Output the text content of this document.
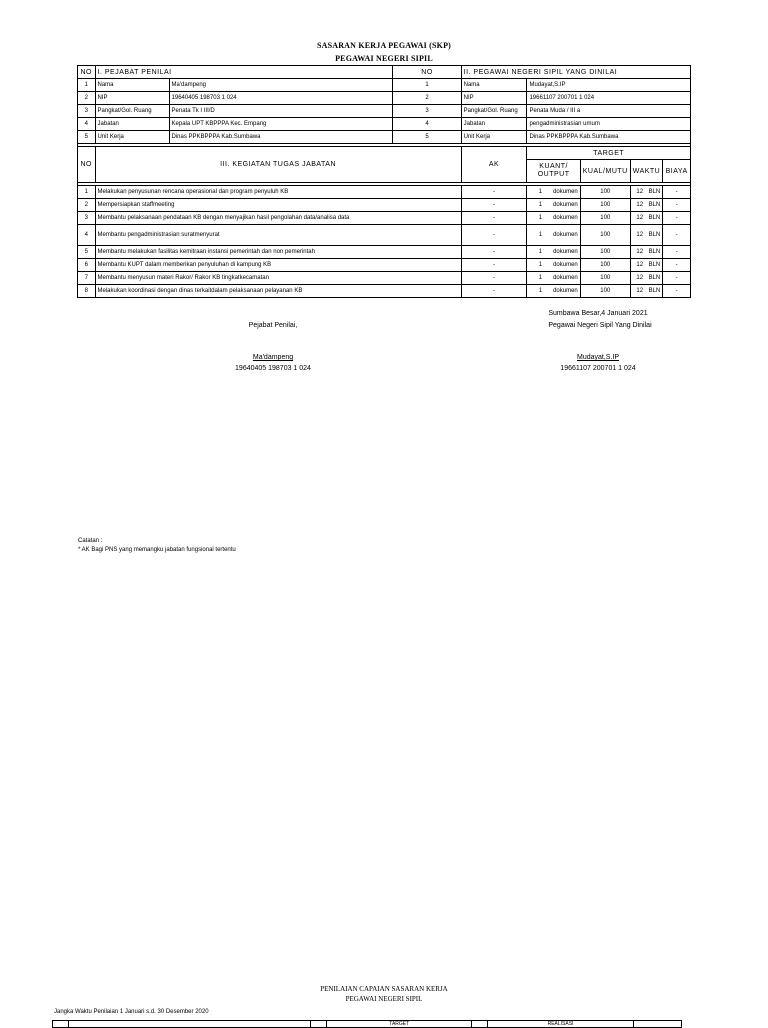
SASARAN KERJA PEGAWAI (SKP)
PEGAWAI NEGERI SIPIL
NO	I. PEJABAT PENILAI		NO	II. PEGAWAI NEGERI SIPIL YANG DINILAI				
1	Nama	Ma'dampeng	1	Nama	Mudayat,S.IP			
2	NIP	19640405 198703 1 024	2	NIP	19661107 200701 1 024			
3	Pangkat/Gol. Ruang	Penata Tk I III/D	3	Pangkat/Gol. Ruang	Penata Muda / III a			
4	Jabatan	Kepala UPT KBPPPA Kec. Empang	4	Jabatan	pengadministrasian umum			
5	Unit Kerja	Dinas PPKBPPPA Kab.Sumbawa	5	Unit Kerja	Dinas PPKBPPPA Kab.Sumbawa			

NO	III. KEGIATAN TUGAS JABATAN			AK	TARGET			
					KUANT/ OUTPUT	KUAL/MUTU	WAKTU	BIAYA

1	Melakukan penyusunan rencana operasional dan program penyuluh KB			-	1 dokumen	100	12 BLN	-
2	Mempersiapkan staffmeeting			-	1 dokumen	100	12 BLN	-
3	Membantu pelaksanaan pendataan KB dengan menyajikan hasil pengolahan data/analisa data			-	1 dokumen	100	12 BLN	-
4	Membantu pengadministrasian suratmenyurat			-	1 dokumen	100	12 BLN	-
5	Membantu melakukan fasilitas kemitraan instansi pemerintah dan non pemerintah			-	1 dokumen	100	12 BLN	-
6	Membantu KUPT dalam memberikan penyuluhan di kampung KB			-	1 dokumen	100	12 BLN	-
7	Membantu menyusun materi Rakor/ Rakor KB tingkatkecamatan			-	1 dokumen	100	12 BLN	-
8	Melakukan koordinasi dengan dinas terkaitdalam pelaksanaan pelayanan KB			-	1 dokumen	100	12 BLN	-
Sumbawa Besar,4 Januari 2021
Pejabat Penilai,	Pegawai Negeri Sipil Yang Dinilai
Ma'dampeng
19640405 198703 1 024
Mudayat,S.IP
19661107 200701 1 024
Catatan :
* AK Bagi PNS yang memangku jabatan fungsional tertentu
PENILAIAN CAPAIAN SASARAN KERJA
PEGAWAI NEGERI SIPIL
Jangka Waktu Penilaian 1 Januari s.d. 30 Desember 2020
			TARGET		REALISASI	
